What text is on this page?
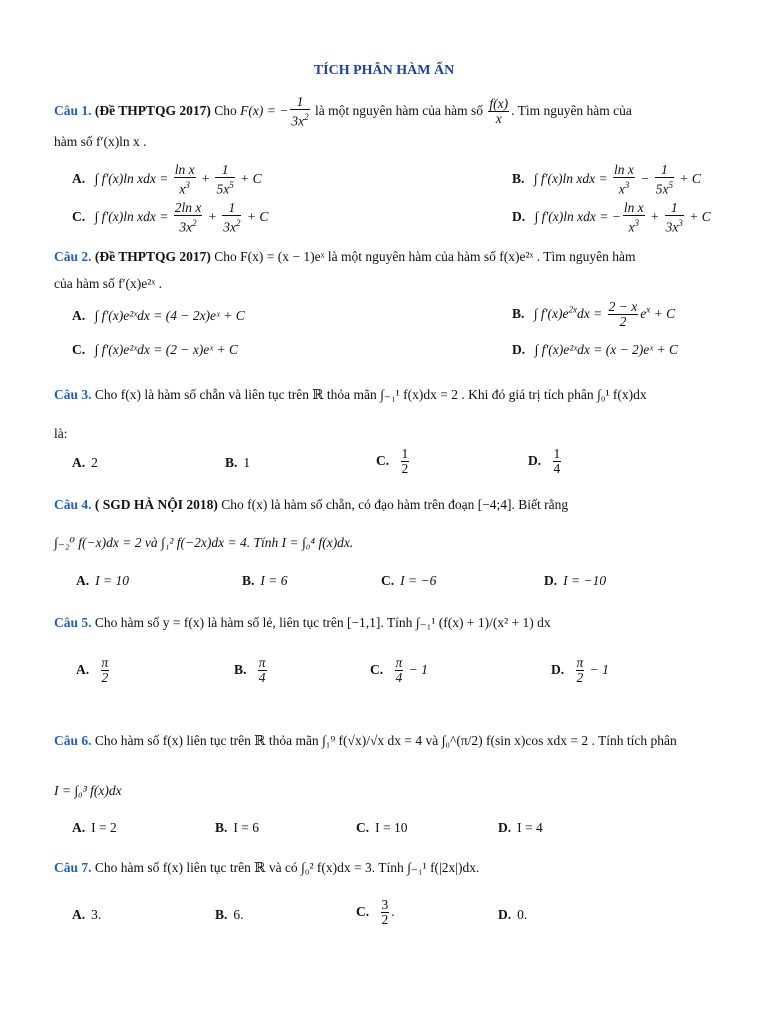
TÍCH PHÂN HÀM ẨN
Câu 1. (Đề THPTQG 2017) Cho F(x) = − $\frac{1}{3x^2}$ là một nguyên hàm của hàm số $\frac{f(x)}{x}$ . Tìm nguyên hàm của
hàm số f′(x)ln x .
A. ∫ f′(x)ln xdx = $\frac{\text{ln x}}{x^3} + \frac{1}{5x^5} + C$	B. ∫ f′(x)ln xdx = $\frac{\text{ln x}}{x^3} - \frac{1}{5x^5} + C$
C. ∫ f′(x)ln xdx = $\frac{\text{2ln x}}{3x^2} + \frac{1}{3x^2} + C$	D. ∫ f′(x)ln xdx = − $\frac{\text{ln x}}{x^3} + \frac{1}{3x^3} + C$
Câu 2. (Đề THPTQG 2017) Cho F(x) = (x − 1)eˣ là một nguyên hàm của hàm số f(x)e²ˣ . Tìm nguyên hàm
của hàm số f′(x)e²ˣ .
A. ∫ f′(x)e²ˣdx = (4 − 2x)eˣ + C	B. ∫ $f'(x)e^{2x}dx = \frac{2 - x}{2} e^x + C$
C. ∫ f′(x)e²ˣdx = (2 − x)eˣ + C	D. ∫ f′(x)e²ˣdx = (x − 2)eˣ + C
Câu 3. Cho f(x) là hàm số chẵn và liên tục trên ℝ thỏa mãn ∫₋₁¹ f(x)dx = 2 . Khi đó giá trị tích phân ∫₀¹ f(x)dx
là:
A. 2	B. 1	C. $\frac{1}{2}$	D. $\frac{1}{4}$
Câu 4. ( SGD HÀ NỘI 2018) Cho f(x) là hàm số chẵn, có đạo hàm trên đoạn [−4;4]. Biết rằng
∫₋₂⁰ f(−x)dx = 2 và ∫₁² f(−2x)dx = 4. Tính I = ∫₀⁴ f(x)dx.
A. I = 10	B. I = 6	C. I = −6	D. I = −10
Câu 5. Cho hàm số y = f(x) là hàm số lẻ, liên tục trên [−1,1]. Tính ∫₋₁¹ (f(x) + 1)/(x² + 1) dx
A. $\frac{\pi}{2}$	B. $\frac{\pi}{4}$	C. $\frac{\pi}{4} - 1$	D. $\frac{\pi}{2} - 1$
Câu 6. Cho hàm số f(x) liên tục trên ℝ thỏa mãn ∫₁⁹ f(√x)/√x dx = 4 và ∫₀^(π/2) f(sin x)cos xdx = 2 . Tính tích phân
I = ∫₀³ f(x)dx
A. I = 2	B. I = 6	C. I = 10	D. I = 4
Câu 7. Cho hàm số f(x) liên tục trên ℝ và có ∫₀² f(x)dx = 3. Tính ∫₋₁¹ f(|2x|)dx.
A. 3.	B. 6.	C. $\frac{3}{2}$ .	D. 0.
